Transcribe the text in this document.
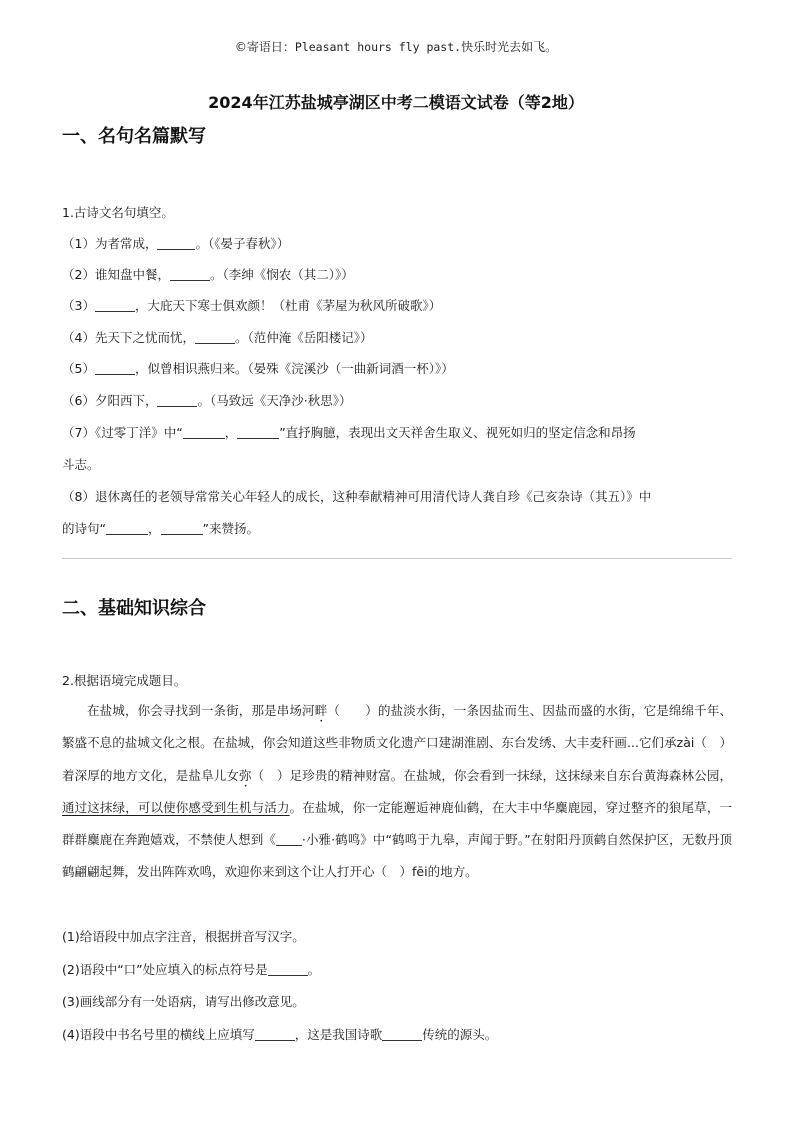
©寄语日：Pleasant hours fly past.快乐时光去如飞。
2024年江苏盐城亭湖区中考二模语文试卷（等2地）
一、名句名篇默写
1.古诗文名句填空。
（1）为者常成，	。（《晏子春秋》）
（2）谁知盘中餐，	。（李绅《悯农（其二）》）
（3）	，大庇天下寒士俱欢颜！（杜甫《茅屋为秋风所破歌》）
（4）先天下之忧而忧，	。（范仲淹《岳阳楼记》）
（5）	，似曾相识燕归来。（晏殊《浣溪沙（一曲新词酒一杯）》）
（6）夕阳西下，	。（马致远《天净沙·秋思》）
（7）《过零丁洋》中“	，	”直抒胸臆，表现出文天祥舍生取义、视死如归的坚定信念和昂扬
斗志。
（8）退休离任的老领导常常关心年轻人的成长，这种奉献精神可用清代诗人龚自珍《己亥杂诗（其五）》中
的诗句“	，	”来赞扬。
二、基础知识综合
2.根据语境完成题目。

在盐城，你会寻找到一条街，那是串场河畔（　　）的盐淡水街，一条因盐而生、因盐而盛的水街，它是绵绵千年、繁盛不息的盐城文化之根。在盐城，你会知道这些非物质文化遗产口建湖淮剧、东台发绣、大丰麦秆画...它们承zài（　）着深厚的地方文化，是盐阜儿女弥（　）足珍贵的精神财富。在盐城，你会看到一抹绿，这抹绿来自东台黄海森林公园，通过这抹绿，可以使你感受到生机与活力。在盐城，你一定能邂逅神鹿仙鹤，在大丰中华麋鹿园，穿过整齐的狼尾草，一群群麋鹿在奔跑嬉戏，不禁使人想到《 ·小雅·鹤鸣》中“鹤鸣于九皋，声闻于野。”在射阳丹顶鹤自然保护区，无数丹顶鹤翩翩起舞，发出阵阵欢鸣，欢迎你来到这个让人打开心（　）fēi的地方。

(1)给语段中加点字注音，根据拼音写汉字。
(2)语段中“口”处应填入的标点符号是	。
(3)画线部分有一处语病，请写出修改意见。
(4)语段中书名号里的横线上应填写	，这是我国诗歌	传统的源头。
